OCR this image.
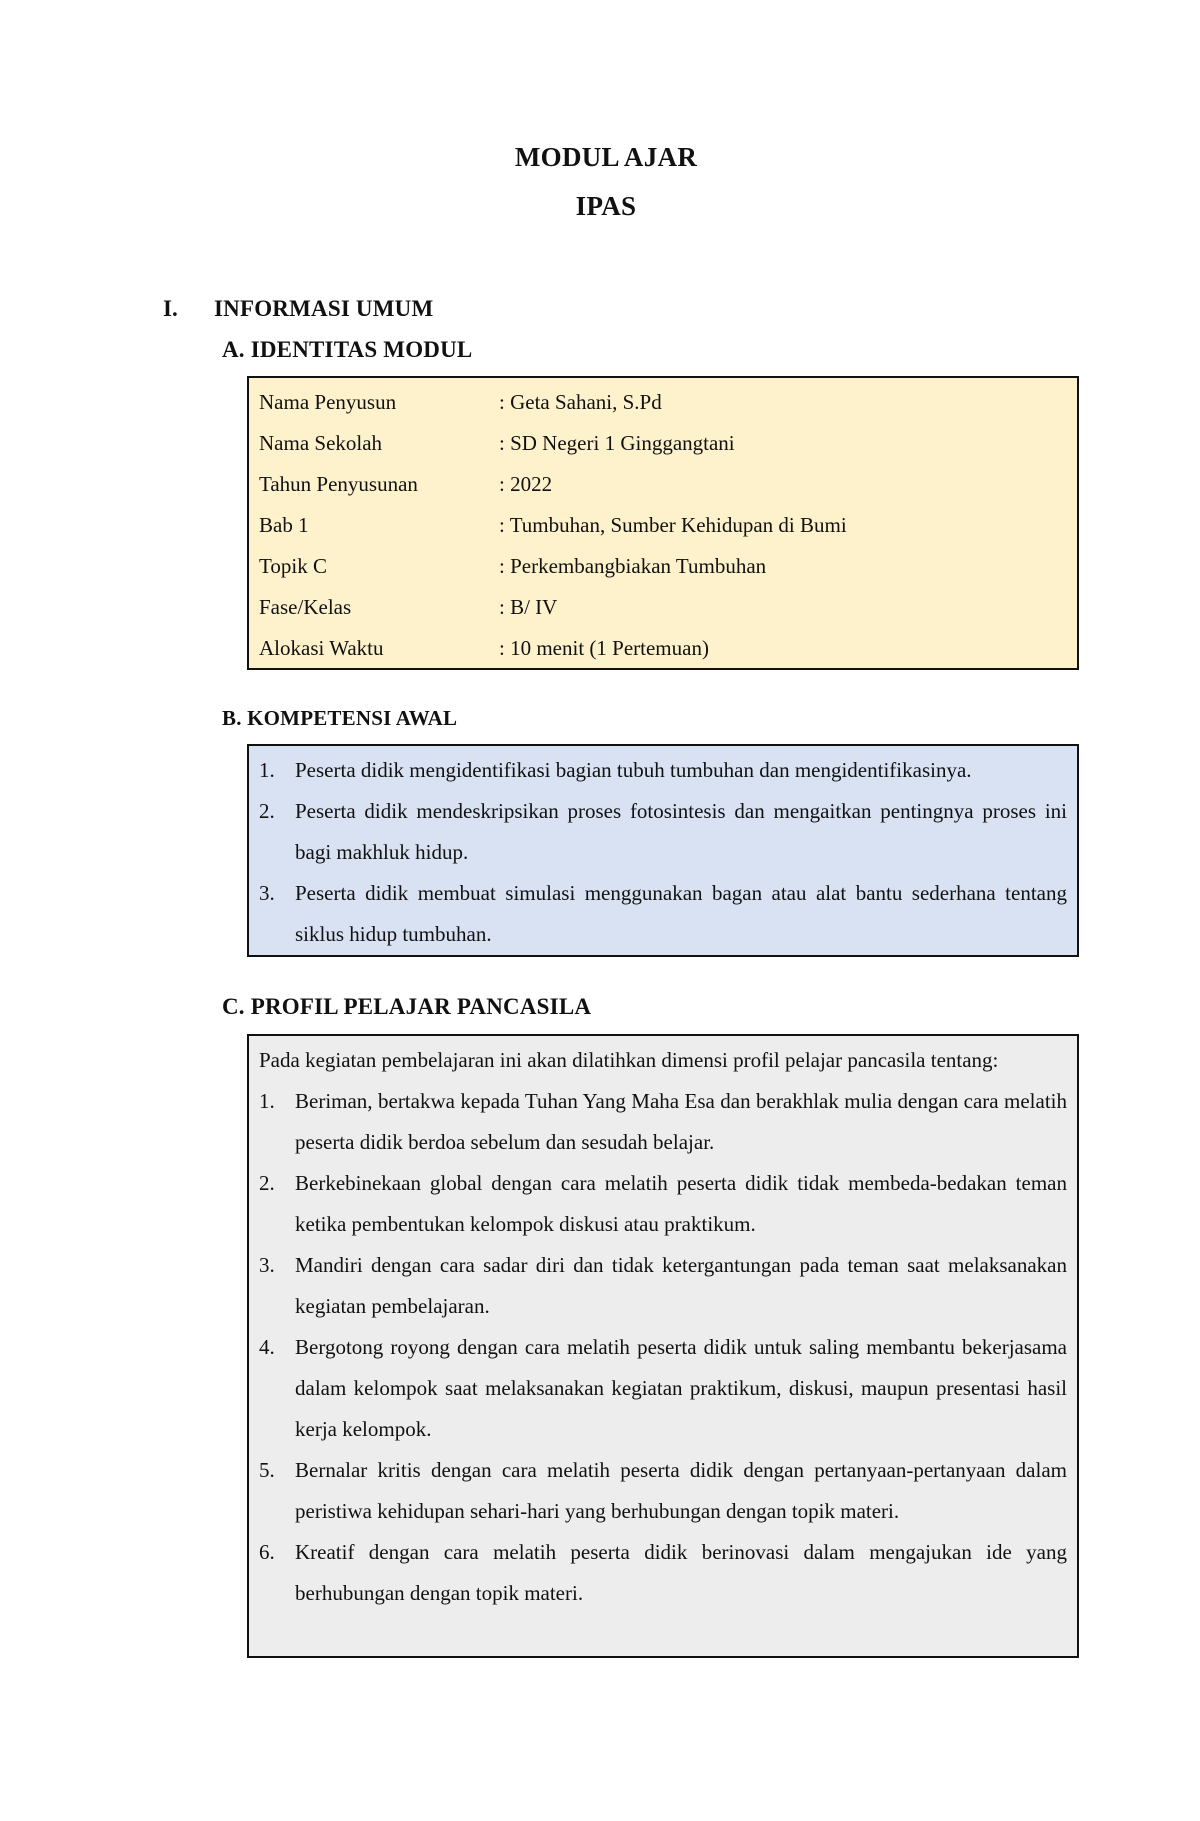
MODUL AJAR
IPAS
I. INFORMASI UMUM
A. IDENTITAS MODUL
Nama Penyusun	: Geta Sahani, S.Pd
Nama Sekolah	: SD Negeri 1 Ginggangtani
Tahun Penyusunan	: 2022
Bab 1	: Tumbuhan, Sumber Kehidupan di Bumi
Topik C	: Perkembangbiakan Tumbuhan
Fase/Kelas	: B/ IV
Alokasi Waktu	: 10 menit (1 Pertemuan)
B. KOMPETENSI AWAL
1. Peserta didik mengidentifikasi bagian tubuh tumbuhan dan mengidentifikasinya.
2. Peserta didik mendeskripsikan proses fotosintesis dan mengaitkan pentingnya proses ini bagi makhluk hidup.
3. Peserta didik membuat simulasi menggunakan bagan atau alat bantu sederhana tentang siklus hidup tumbuhan.
C. PROFIL PELAJAR PANCASILA
Pada kegiatan pembelajaran ini akan dilatihkan dimensi profil pelajar pancasila tentang:
1. Beriman, bertakwa kepada Tuhan Yang Maha Esa dan berakhlak mulia dengan cara melatih peserta didik berdoa sebelum dan sesudah belajar.
2. Berkebinekaan global dengan cara melatih peserta didik tidak membeda-bedakan teman ketika pembentukan kelompok diskusi atau praktikum.
3. Mandiri dengan cara sadar diri dan tidak ketergantungan pada teman saat melaksanakan kegiatan pembelajaran.
4. Bergotong royong dengan cara melatih peserta didik untuk saling membantu bekerjasama dalam kelompok saat melaksanakan kegiatan praktikum, diskusi, maupun presentasi hasil kerja kelompok.
5. Bernalar kritis dengan cara melatih peserta didik dengan pertanyaan-pertanyaan dalam peristiwa kehidupan sehari-hari yang berhubungan dengan topik materi.
6. Kreatif dengan cara melatih peserta didik berinovasi dalam mengajukan ide yang berhubungan dengan topik materi.
